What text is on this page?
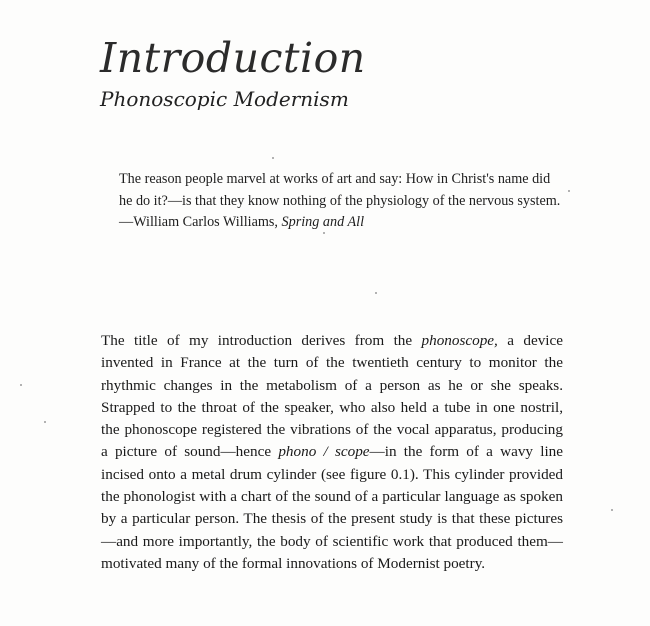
Introduction
Phonoscopic Modernism

The reason people marvel at works of art and say: How in Christ's name did he do it?—is that they know nothing of the physiology of the nervous system.

—William Carlos Williams, Spring and All

The title of my introduction derives from the phonoscope, a device invented in France at the turn of the twentieth century to monitor the rhythmic changes in the metabolism of a person as he or she speaks. Strapped to the throat of the speaker, who also held a tube in one nostril, the phonoscope registered the vibrations of the vocal apparatus, producing a picture of sound—hence phono / scope—in the form of a wavy line incised onto a metal drum cylinder (see figure 0.1). This cylinder provided the phonologist with a chart of the sound of a particular language as spoken by a particular person. The thesis of the present study is that these pictures—and more importantly, the body of scientific work that produced them—motivated many of the formal innovations of Modernist poetry.
